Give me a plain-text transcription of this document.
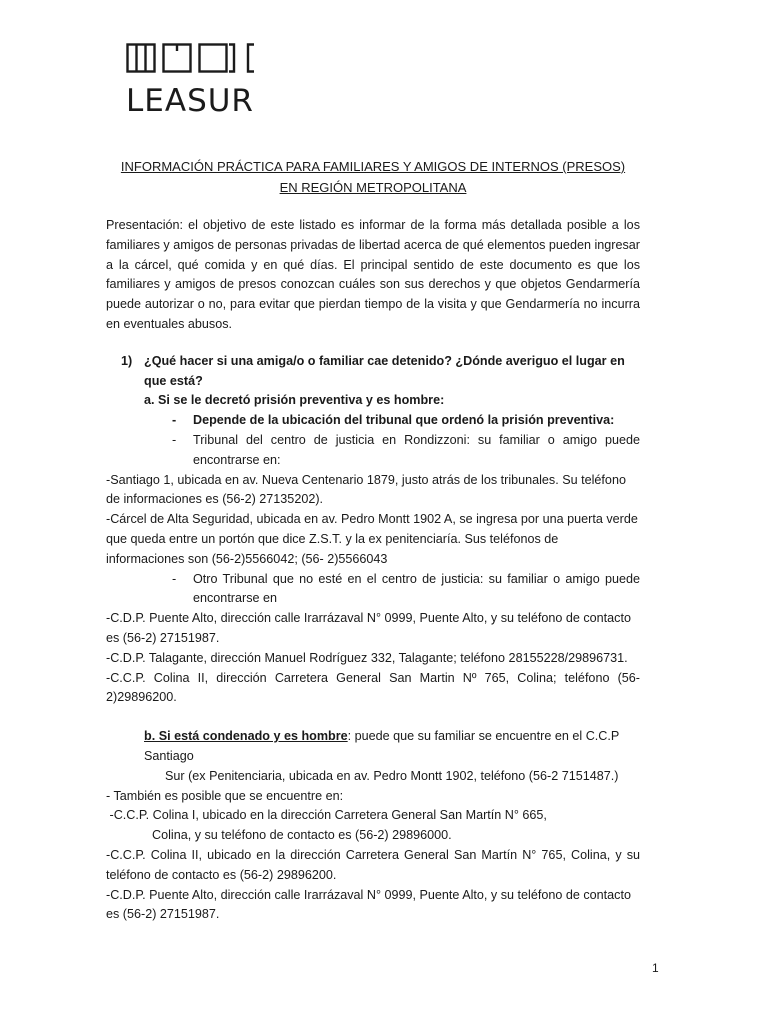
LEASUR

INFORMACIÓN PRÁCTICA PARA FAMILIARES Y AMIGOS DE INTERNOS (PRESOS)

EN REGIÓN METROPOLITANA

Presentación: el objetivo de este listado es informar de la forma más detallada posible a los familiares y amigos de personas privadas de libertad acerca de qué elementos pueden ingresar a la cárcel, qué comida y en qué días. El principal sentido de este documento es que los familiares y amigos de presos conozcan cuáles son sus derechos y que objetos Gendarmería puede autorizar o no, para evitar que pierdan tiempo de la visita y que Gendarmería no incurra en eventuales abusos.

1) ¿Qué hacer si una amiga/o o familiar cae detenido? ¿Dónde averiguo el lugar en que está?
a. Si se le decretó prisión preventiva y es hombre:
- Depende de la ubicación del tribunal que ordenó la prisión preventiva:
- Tribunal del centro de justicia en Rondizzoni: su familiar o amigo puede encontrarse en:

-Santiago 1, ubicada en av. Nueva Centenario 1879, justo atrás de los tribunales. Su teléfono de informaciones es (56-2) 27135202).

-Cárcel de Alta Seguridad, ubicada en av. Pedro Montt 1902 A, se ingresa por una puerta verde que queda entre un portón que dice Z.S.T. y la ex penitenciaría. Sus teléfonos de informaciones son (56-2)5566042; (56- 2)5566043

- Otro Tribunal que no esté en el centro de justicia: su familiar o amigo puede encontrarse en

-C.D.P. Puente Alto, dirección calle Irarrázaval N° 0999, Puente Alto, y su teléfono de contacto es (56-2) 27151987.

-C.D.P. Talagante, dirección Manuel Rodríguez 332, Talagante; teléfono 28155228/29896731.

-C.C.P. Colina II, dirección Carretera General San Martin Nº 765, Colina; teléfono (56-2)29896200.

b. Si está condenado y es hombre: puede que su familiar se encuentre en el C.C.P Santiago
Sur (ex Penitenciaria, ubicada en av. Pedro Montt 1902, teléfono (56-2 7151487.)

- También es posible que se encuentre en:

-C.C.P. Colina I, ubicado en la dirección Carretera General San Martín N° 665,

Colina, y su teléfono de contacto es (56-2) 29896000.

-C.C.P. Colina II, ubicado en la dirección Carretera General San Martín N° 765, Colina, y su teléfono de contacto es (56-2) 29896200.

-C.D.P. Puente Alto, dirección calle Irarrázaval N° 0999, Puente Alto, y su teléfono de contacto es (56-2) 27151987.

1
